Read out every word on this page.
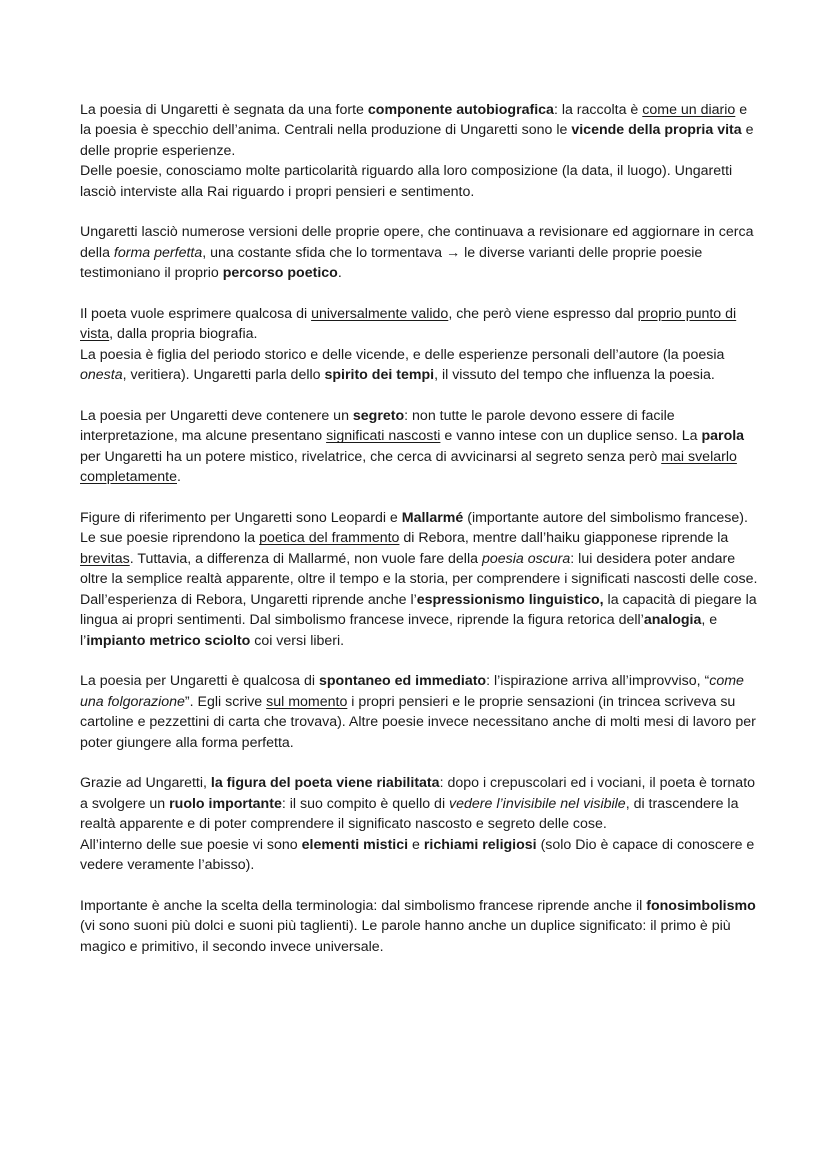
La poesia di Ungaretti è segnata da una forte componente autobiografica: la raccolta è come un diario e la poesia è specchio dell’anima. Centrali nella produzione di Ungaretti sono le vicende della propria vita e delle proprie esperienze.
Delle poesie, conosciamo molte particolarità riguardo alla loro composizione (la data, il luogo). Ungaretti lasciò interviste alla Rai riguardo i propri pensieri e sentimento.

Ungaretti lasciò numerose versioni delle proprie opere, che continuava a revisionare ed aggiornare in cerca della forma perfetta, una costante sfida che lo tormentava → le diverse varianti delle proprie poesie testimoniano il proprio percorso poetico.

Il poeta vuole esprimere qualcosa di universalmente valido, che però viene espresso dal proprio punto di vista, dalla propria biografia.
La poesia è figlia del periodo storico e delle vicende, e delle esperienze personali dell’autore (la poesia onesta, veritiera). Ungaretti parla dello spirito dei tempi, il vissuto del tempo che influenza la poesia.

La poesia per Ungaretti deve contenere un segreto: non tutte le parole devono essere di facile interpretazione, ma alcune presentano significati nascosti e vanno intese con un duplice senso. La parola per Ungaretti ha un potere mistico, rivelatrice, che cerca di avvicinarsi al segreto senza però mai svelarlo completamente.

Figure di riferimento per Ungaretti sono Leopardi e Mallarmé (importante autore del simbolismo francese). Le sue poesie riprendono la poetica del frammento di Rebora, mentre dall’haiku giapponese riprende la brevitas. Tuttavia, a differenza di Mallarmé, non vuole fare della poesia oscura: lui desidera poter andare oltre la semplice realtà apparente, oltre il tempo e la storia, per comprendere i significati nascosti delle cose.
Dall’esperienza di Rebora, Ungaretti riprende anche l’espressionismo linguistico, la capacità di piegare la lingua ai propri sentimenti. Dal simbolismo francese invece, riprende la figura retorica dell’analogia, e l’impianto metrico sciolto coi versi liberi.

La poesia per Ungaretti è qualcosa di spontaneo ed immediato: l’ispirazione arriva all’improvviso, “come una folgorazione”. Egli scrive sul momento i propri pensieri e le proprie sensazioni (in trincea scriveva su cartoline e pezzettini di carta che trovava). Altre poesie invece necessitano anche di molti mesi di lavoro per poter giungere alla forma perfetta.

Grazie ad Ungaretti, la figura del poeta viene riabilitata: dopo i crepuscolari ed i vociani, il poeta è tornato a svolgere un ruolo importante: il suo compito è quello di vedere l’invisibile nel visibile, di trascendere la realtà apparente e di poter comprendere il significato nascosto e segreto delle cose.
All’interno delle sue poesie vi sono elementi mistici e richiami religiosi (solo Dio è capace di conoscere e vedere veramente l’abisso).

Importante è anche la scelta della terminologia: dal simbolismo francese riprende anche il fonosimbolismo (vi sono suoni più dolci e suoni più taglienti). Le parole hanno anche un duplice significato: il primo è più magico e primitivo, il secondo invece universale.
